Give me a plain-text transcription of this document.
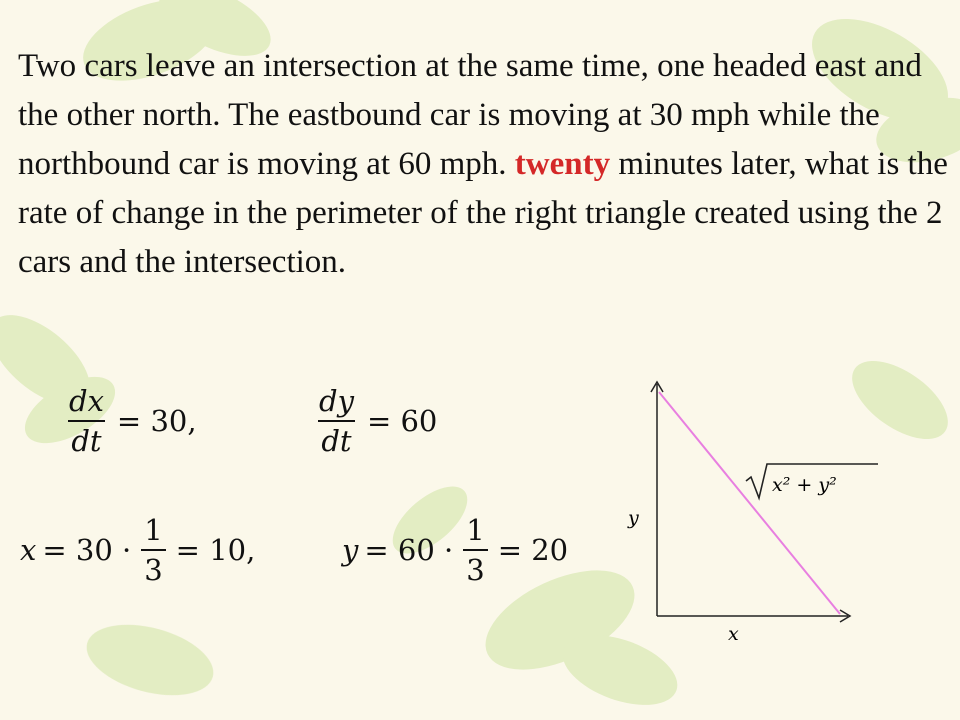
Two cars leave an intersection at the same time, one headed east and the other north. The eastbound car is moving at 30 mph while the northbound car is moving at 60 mph. twenty minutes later, what is the rate of change in the perimeter of the right triangle created using the 2 cars and the intersection.

$\frac{dx}{dt} = 30$,	$\frac{dy}{dt} = 60$
$x = 30 \cdot \frac{1}{3} = 10$,	$y = 60 \cdot \frac{1}{3} = 20$
y
x
x² + y²
